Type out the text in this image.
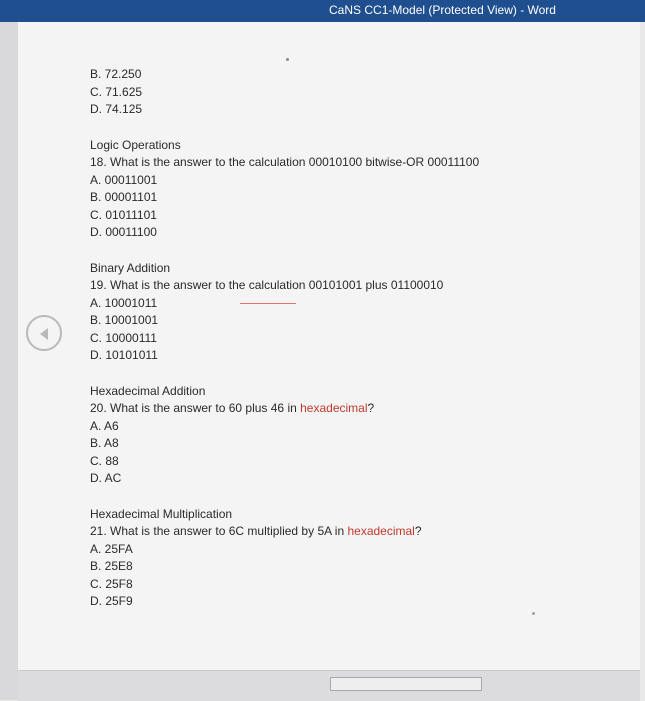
CaNS CC1-Model (Protected View) - Word
B. 72.250
C. 71.625
D. 74.125
Logic Operations
18. What is the answer to the calculation 00010100 bitwise-OR 00011100
A. 00011001
B. 00001101
C. 01011101
D. 00011100
Binary Addition
19. What is the answer to the calculation 00101001 plus 01100010
A. 10001011
B. 10001001
C. 10000111
D. 10101011
Hexadecimal Addition
20. What is the answer to 60 plus 46 in hexadecimal?
A. A6
B. A8
C. 88
D. AC
Hexadecimal Multiplication
21. What is the answer to 6C multiplied by 5A in hexadecimal?
A. 25FA
B. 25E8
C. 25F8
D. 25F9
